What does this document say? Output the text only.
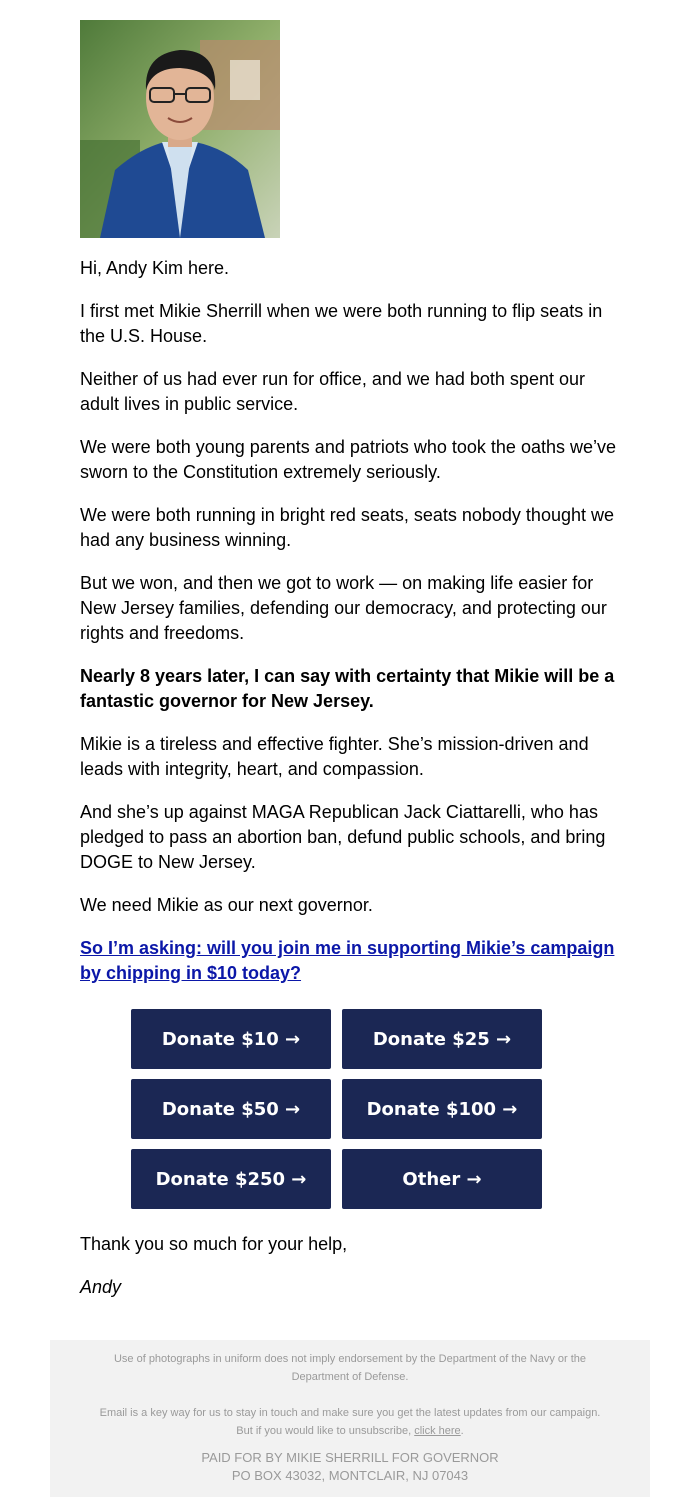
Hi, Andy Kim here.

I first met Mikie Sherrill when we were both running to flip seats in the U.S. House.

Neither of us had ever run for office, and we had both spent our adult lives in public service.

We were both young parents and patriots who took the oaths we’ve sworn to the Constitution extremely seriously.

We were both running in bright red seats, seats nobody thought we had any business winning.

But we won, and then we got to work — on making life easier for New Jersey families, defending our democracy, and protecting our rights and freedoms.

Nearly 8 years later, I can say with certainty that Mikie will be a fantastic governor for New Jersey.

Mikie is a tireless and effective fighter. She’s mission-driven and leads with integrity, heart, and compassion.

And she’s up against MAGA Republican Jack Ciattarelli, who has pledged to pass an abortion ban, defund public schools, and bring DOGE to New Jersey.

We need Mikie as our next governor.

So I’m asking: will you join me in supporting Mikie’s campaign by chipping in $10 today?

Donate $10 →	Donate $25 →
Donate $50 →	Donate $100 →
Donate $250 →	Other →

Thank you so much for your help,

Andy

Use of photographs in uniform does not imply endorsement by the Department of the Navy or the Department of Defense.
Email is a key way for us to stay in touch and make sure you get the latest updates from our campaign.
But if you would like to unsubscribe, click here.
PAID FOR BY MIKIE SHERRILL FOR GOVERNOR
PO BOX 43032, MONTCLAIR, NJ 07043
